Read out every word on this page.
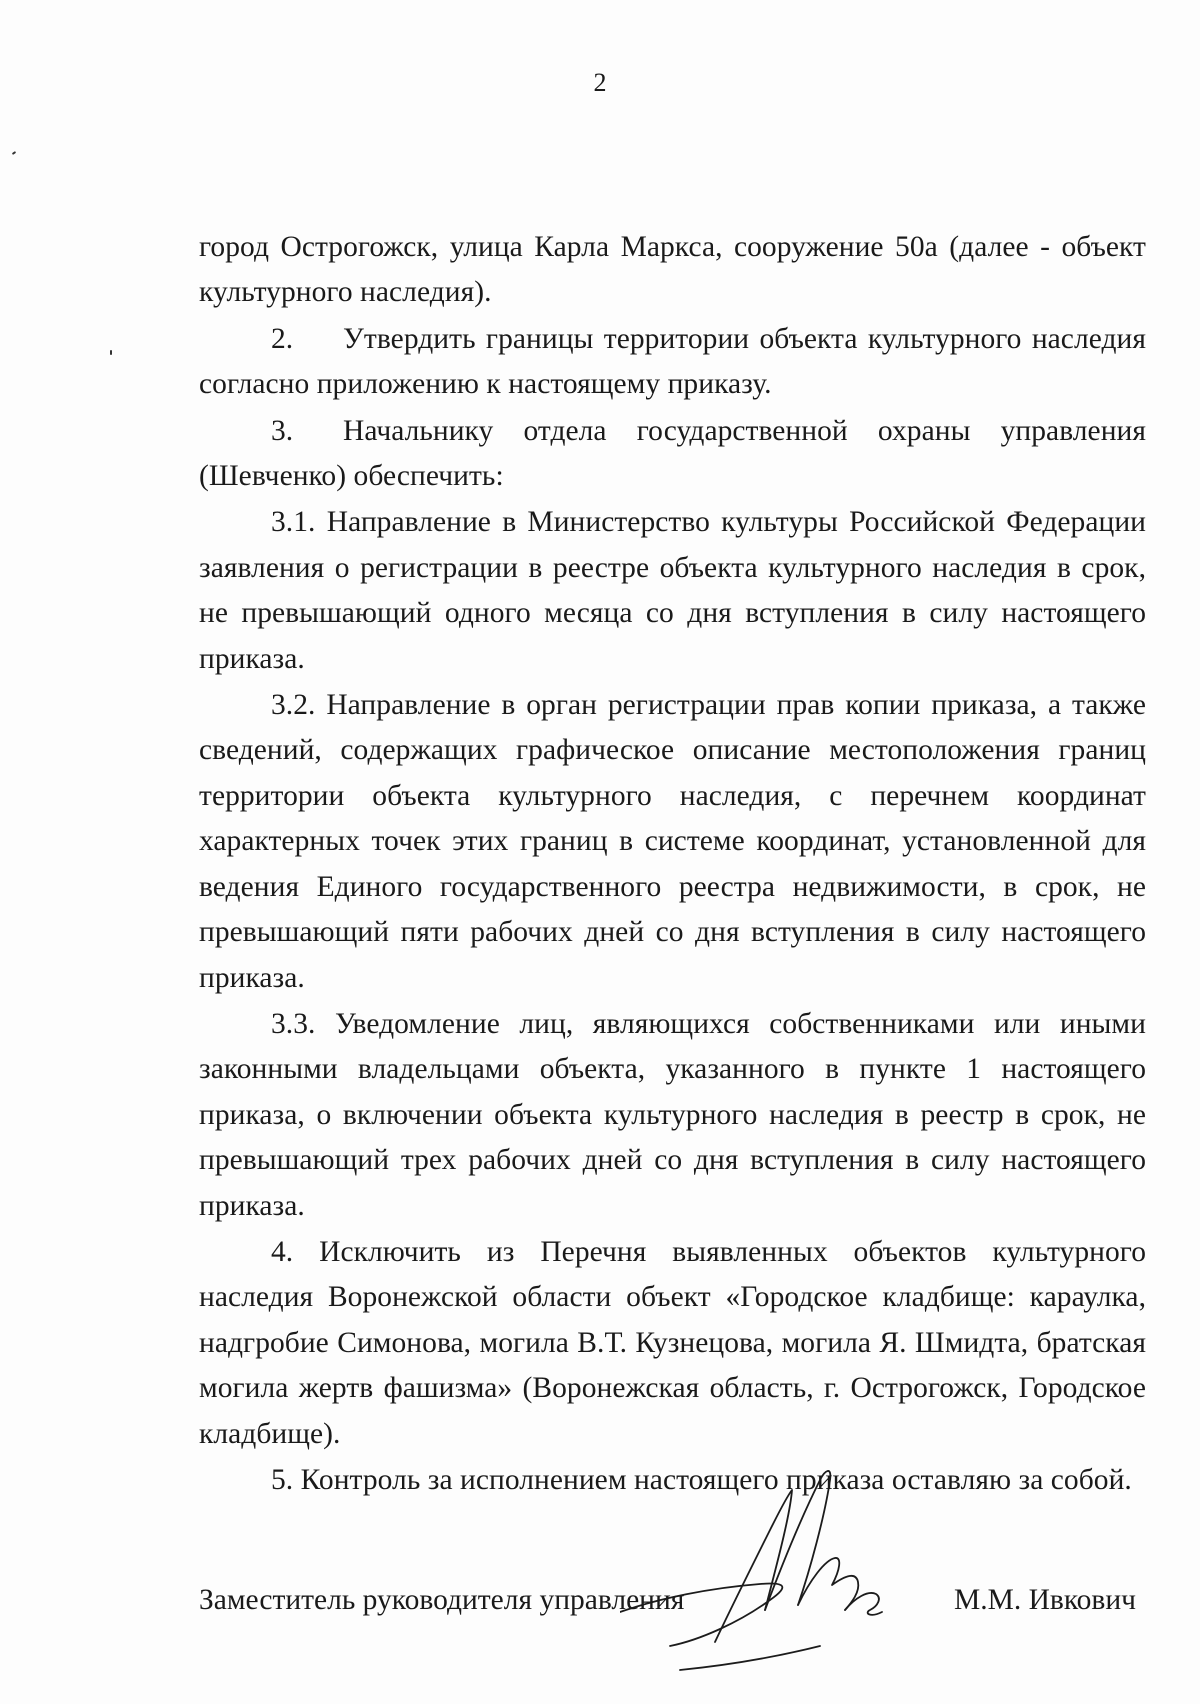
2

город Острогожск, улица Карла Маркса, сооружение 50а (далее - объект культурного наследия).

2. Утвердить границы территории объекта культурного наследия согласно приложению к настоящему приказу.

3. Начальнику отдела государственной охраны управления (Шевченко) обеспечить:

3.1. Направление в Министерство культуры Российской Федерации заявления о регистрации в реестре объекта культурного наследия в срок, не превышающий одного месяца со дня вступления в силу настоящего приказа.

3.2. Направление в орган регистрации прав копии приказа, а также сведений, содержащих графическое описание местоположения границ территории объекта культурного наследия, с перечнем координат характерных точек этих границ в системе координат, установленной для ведения Единого государственного реестра недвижимости, в срок, не превышающий пяти рабочих дней со дня вступления в силу настоящего приказа.

3.3. Уведомление лиц, являющихся собственниками или иными законными владельцами объекта, указанного в пункте 1 настоящего приказа, о включении объекта культурного наследия в реестр в срок, не превышающий трех рабочих дней со дня вступления в силу настоящего приказа.

4. Исключить из Перечня выявленных объектов культурного наследия Воронежской области объект «Городское кладбище: караулка, надгробие Симонова, могила В.Т. Кузнецова, могила Я. Шмидта, братская могила жертв фашизма» (Воронежская область, г. Острогожск, Городское кладбище).

5. Контроль за исполнением настоящего приказа оставляю за собой.

Заместитель руководителя управления	М.М. Ивкович
